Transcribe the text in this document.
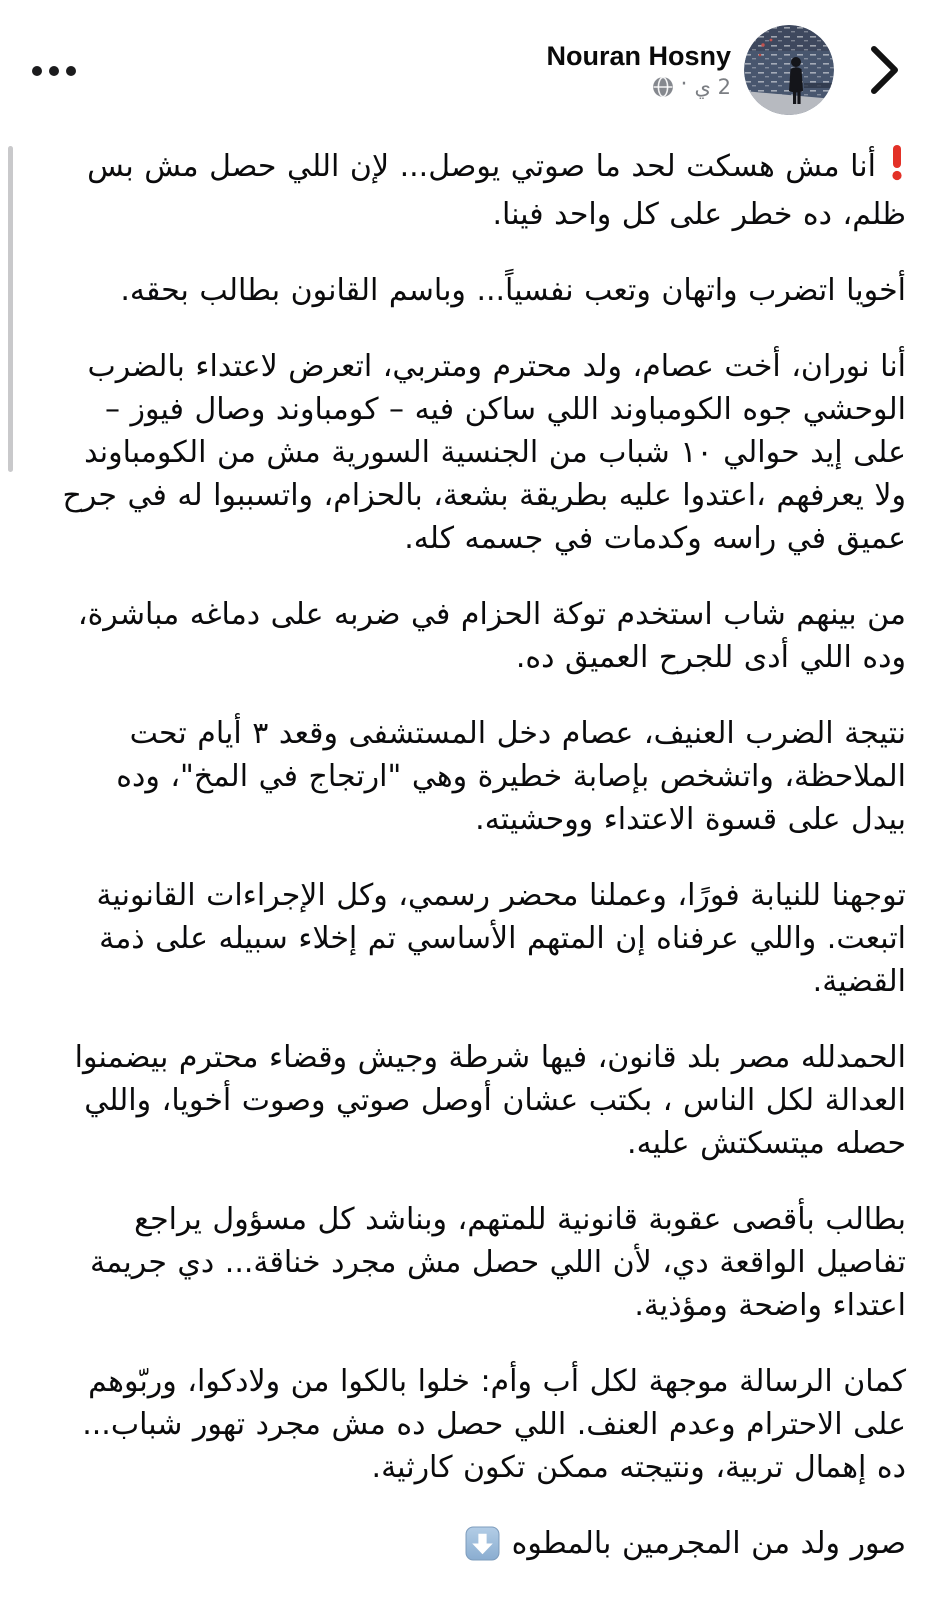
Nouran Hosny
2 ي
·

أنا مش هسكت لحد ما صوتي يوصل... لإن اللي حصل مش بس ظلم، ده خطر على كل واحد فينا.

أخويا اتضرب واتهان وتعب نفسياً... وباسم القانون بطالب بحقه.

أنا نوران، أخت عصام، ولد محترم ومتربي، اتعرض لاعتداء بالضرب الوحشي جوه الكومباوند اللي ساكن فيه – كومباوند وصال فيوز – على إيد حوالي ١٠ شباب من الجنسية السورية مش من الكومباوند ولا يعرفهم ،اعتدوا عليه بطريقة بشعة، بالحزام، واتسببوا له في جرح عميق في راسه وكدمات في جسمه كله.

من بينهم شاب استخدم توكة الحزام في ضربه على دماغه مباشرة، وده اللي أدى للجرح العميق ده.

نتيجة الضرب العنيف، عصام دخل المستشفى وقعد ٣ أيام تحت الملاحظة، واتشخص بإصابة خطيرة وهي "ارتجاج في المخ"، وده بيدل على قسوة الاعتداء ووحشيته.

توجهنا للنيابة فورًا، وعملنا محضر رسمي، وكل الإجراءات القانونية اتبعت. واللي عرفناه إن المتهم الأساسي تم إخلاء سبيله على ذمة القضية.

الحمدلله مصر بلد قانون، فيها شرطة وجيش وقضاء محترم بيضمنوا العدالة لكل الناس ، بكتب عشان أوصل صوتي وصوت أخويا، واللي حصله ميتسكتش عليه.

بطالب بأقصى عقوبة قانونية للمتهم، وبناشد كل مسؤول يراجع تفاصيل الواقعة دي، لأن اللي حصل مش مجرد خناقة... دي جريمة اعتداء واضحة ومؤذية.

كمان الرسالة موجهة لكل أب وأم: خلوا بالكوا من ولادكوا، وربّوهم على الاحترام وعدم العنف. اللي حصل ده مش مجرد تهور شباب... ده إهمال تربية، ونتيجته ممكن تكون كارثية.

صور ولد من المجرمين بالمطوه
